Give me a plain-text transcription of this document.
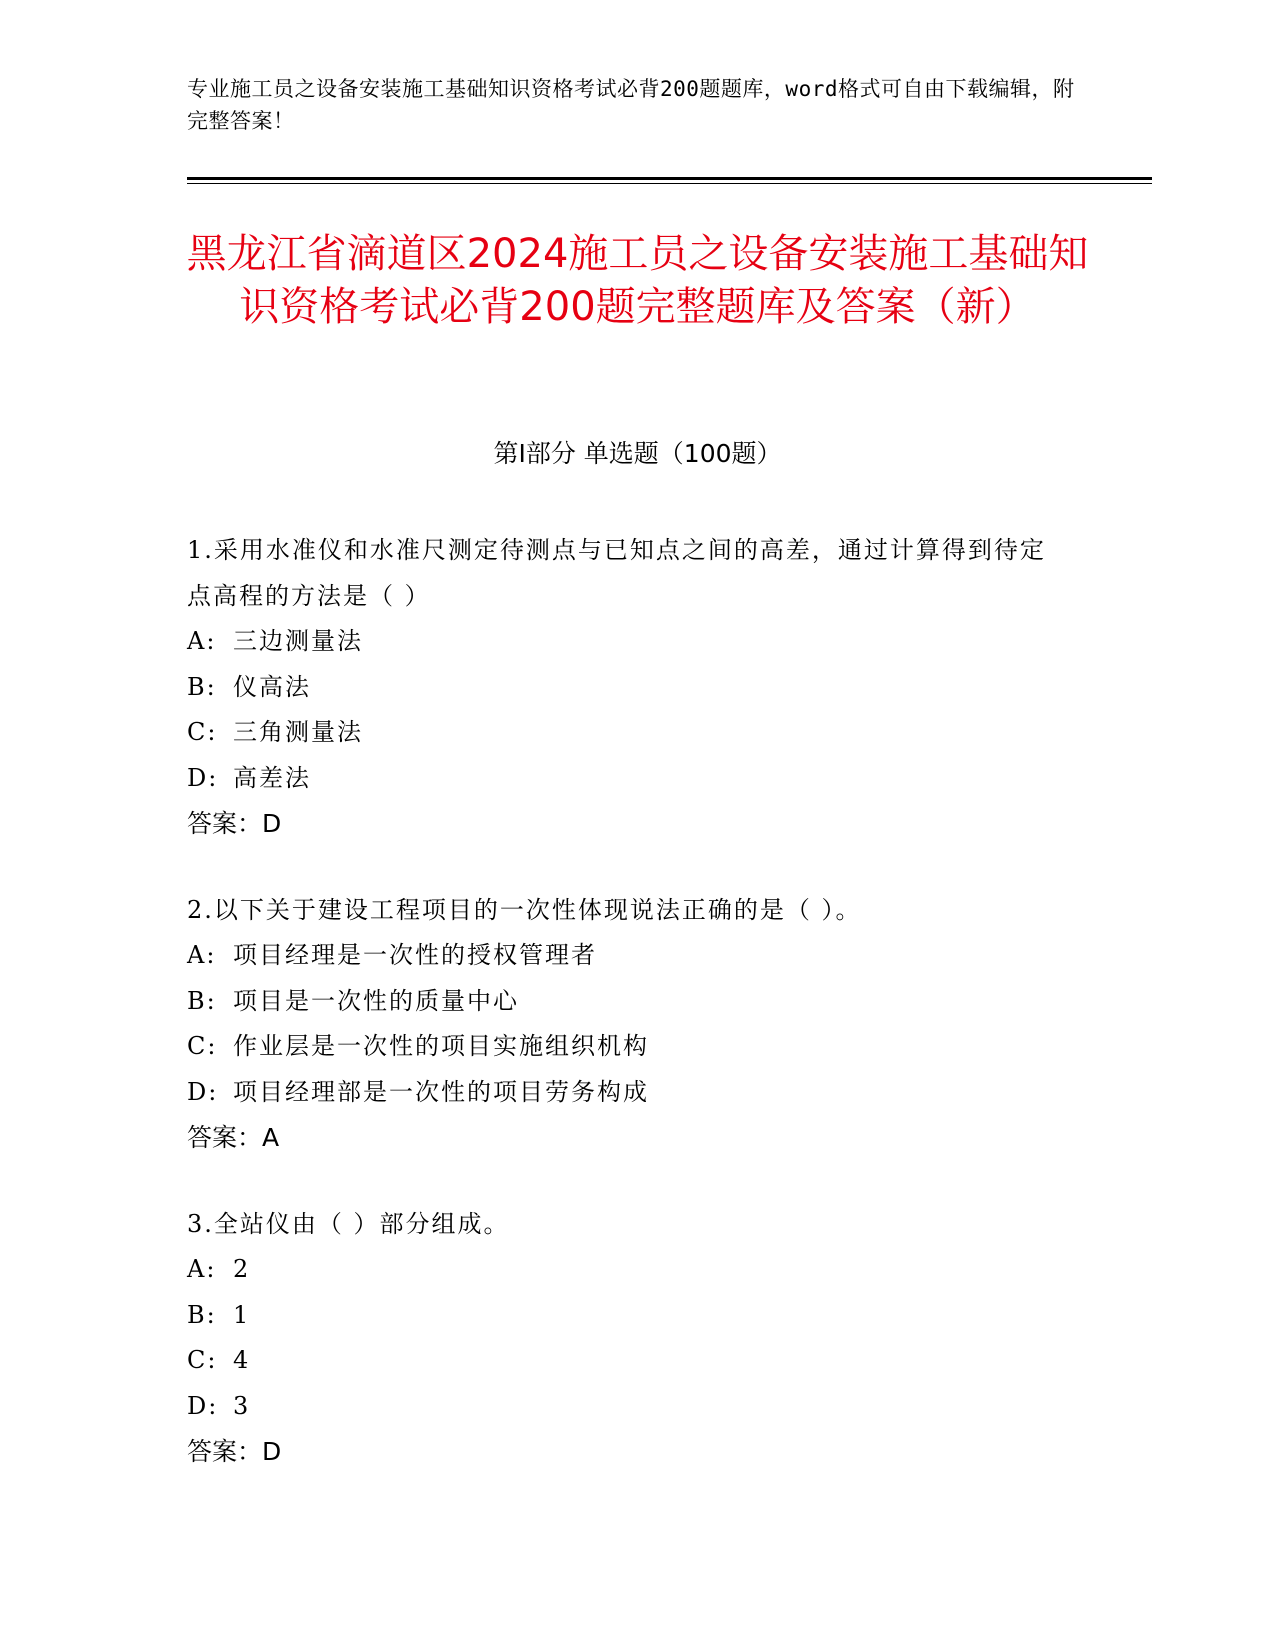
专业施工员之设备安装施工基础知识资格考试必背200题题库，word格式可自由下载编辑，附完整答案！
黑龙江省滴道区2024施工员之设备安装施工基础知识资格考试必背200题完整题库及答案（新）
第I部分 单选题（100题）
1.采用水准仪和水准尺测定待测点与已知点之间的高差，通过计算得到待定点高程的方法是（ ）
A: 三边测量法
B: 仪高法
C: 三角测量法
D: 高差法
答案：D
2.以下关于建设工程项目的一次性体现说法正确的是（ ）。
A: 项目经理是一次性的授权管理者
B: 项目是一次性的质量中心
C: 作业层是一次性的项目实施组织机构
D: 项目经理部是一次性的项目劳务构成
答案：A
3.全站仪由（ ）部分组成。
A: 2
B: 1
C: 4
D: 3
答案：D
